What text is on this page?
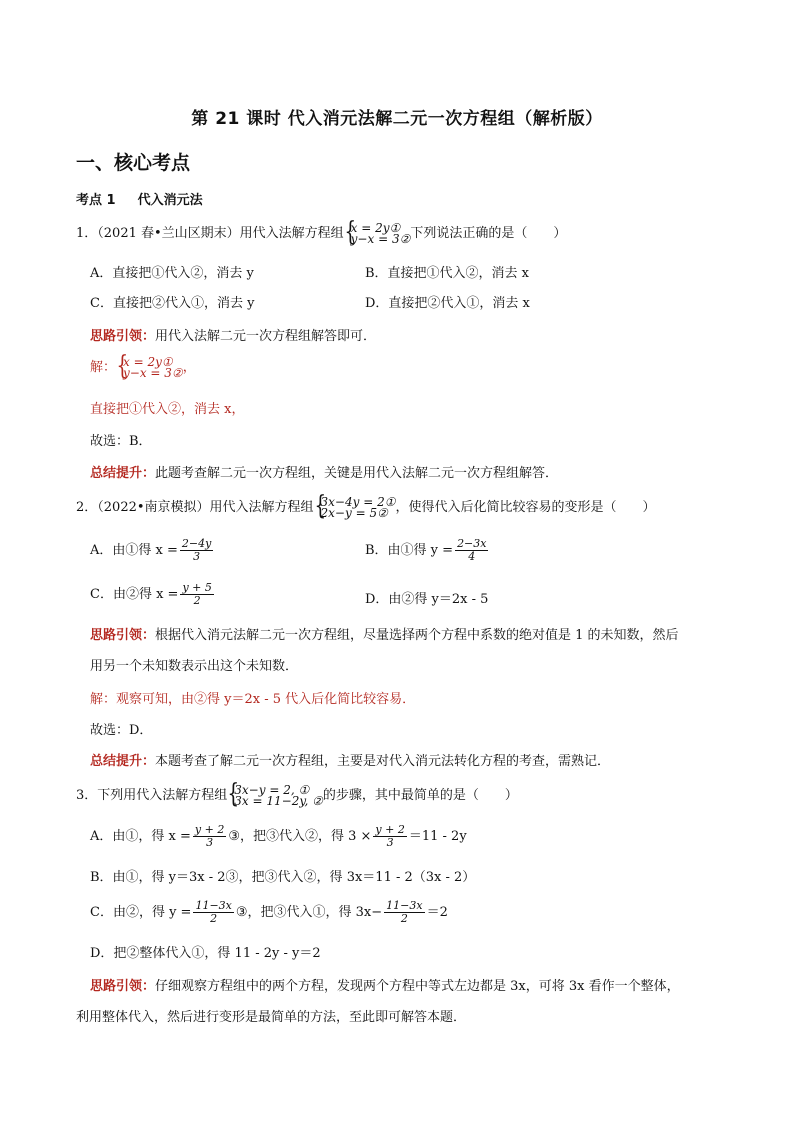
第 21 课时 代入消元法解二元一次方程组（解析版）
一、核心考点
考点 1 代入消元法
1．（2021 春•兰山区期末）用代入法解方程组 { x = 2y①
y−x = 3② 下列说法正确的是（　　）
A．直接把①代入②，消去 y	B．直接把①代入②，消去 x
C．直接把②代入①，消去 y	D．直接把②代入①，消去 x
思路引领：用代入法解二元一次方程组解答即可．
解： { x = 2y①
y−x = 3② ，
直接把①代入②，消去 x，
故选：B．
总结提升：此题考查解二元一次方程组，关键是用代入法解二元一次方程组解答．
2．（2022•南京模拟）用代入法解方程组 { 3x−4y = 2①
2x−y = 5② ，使得代入后化简比较容易的变形是（　　）
A．由①得 $x = \frac{2-4y}{3}$	B．由①得 $y = \frac{2-3x}{4}$
C．由②得 $x = \frac{y + 5}{2}$	D．由②得 y＝2x - 5
思路引领：根据代入消元法解二元一次方程组，尽量选择两个方程中系数的绝对值是 1 的未知数，然后
用另一个未知数表示出这个未知数．
解：观察可知，由②得 y＝2x - 5 代入后化简比较容易．
故选：D．
总结提升：本题考查了解二元一次方程组，主要是对代入消元法转化方程的考查，需熟记．
3．下列用代入法解方程组 { 3x−y = 2, ①
3x = 11−2y, ② 的步骤，其中最简单的是（　　）
A．由①，得 $x = \frac{y + 2}{3}$ ③，把③代入②，得 $3 \times \frac{y + 2}{3} =11 - 2y$
B．由①，得 y＝3x - 2③，把③代入②，得 3x＝11 - 2（3x - 2）
C．由②，得 $y = \frac{11-3x}{2}$ ③，把③代入①，得 $3x- \frac{11-3x}{2} =2$
D．把②整体代入①，得 11 - 2y - y＝2
思路引领：仔细观察方程组中的两个方程，发现两个方程中等式左边都是 3x，可将 3x 看作一个整体，
利用整体代入，然后进行变形是最简单的方法，至此即可解答本题．
